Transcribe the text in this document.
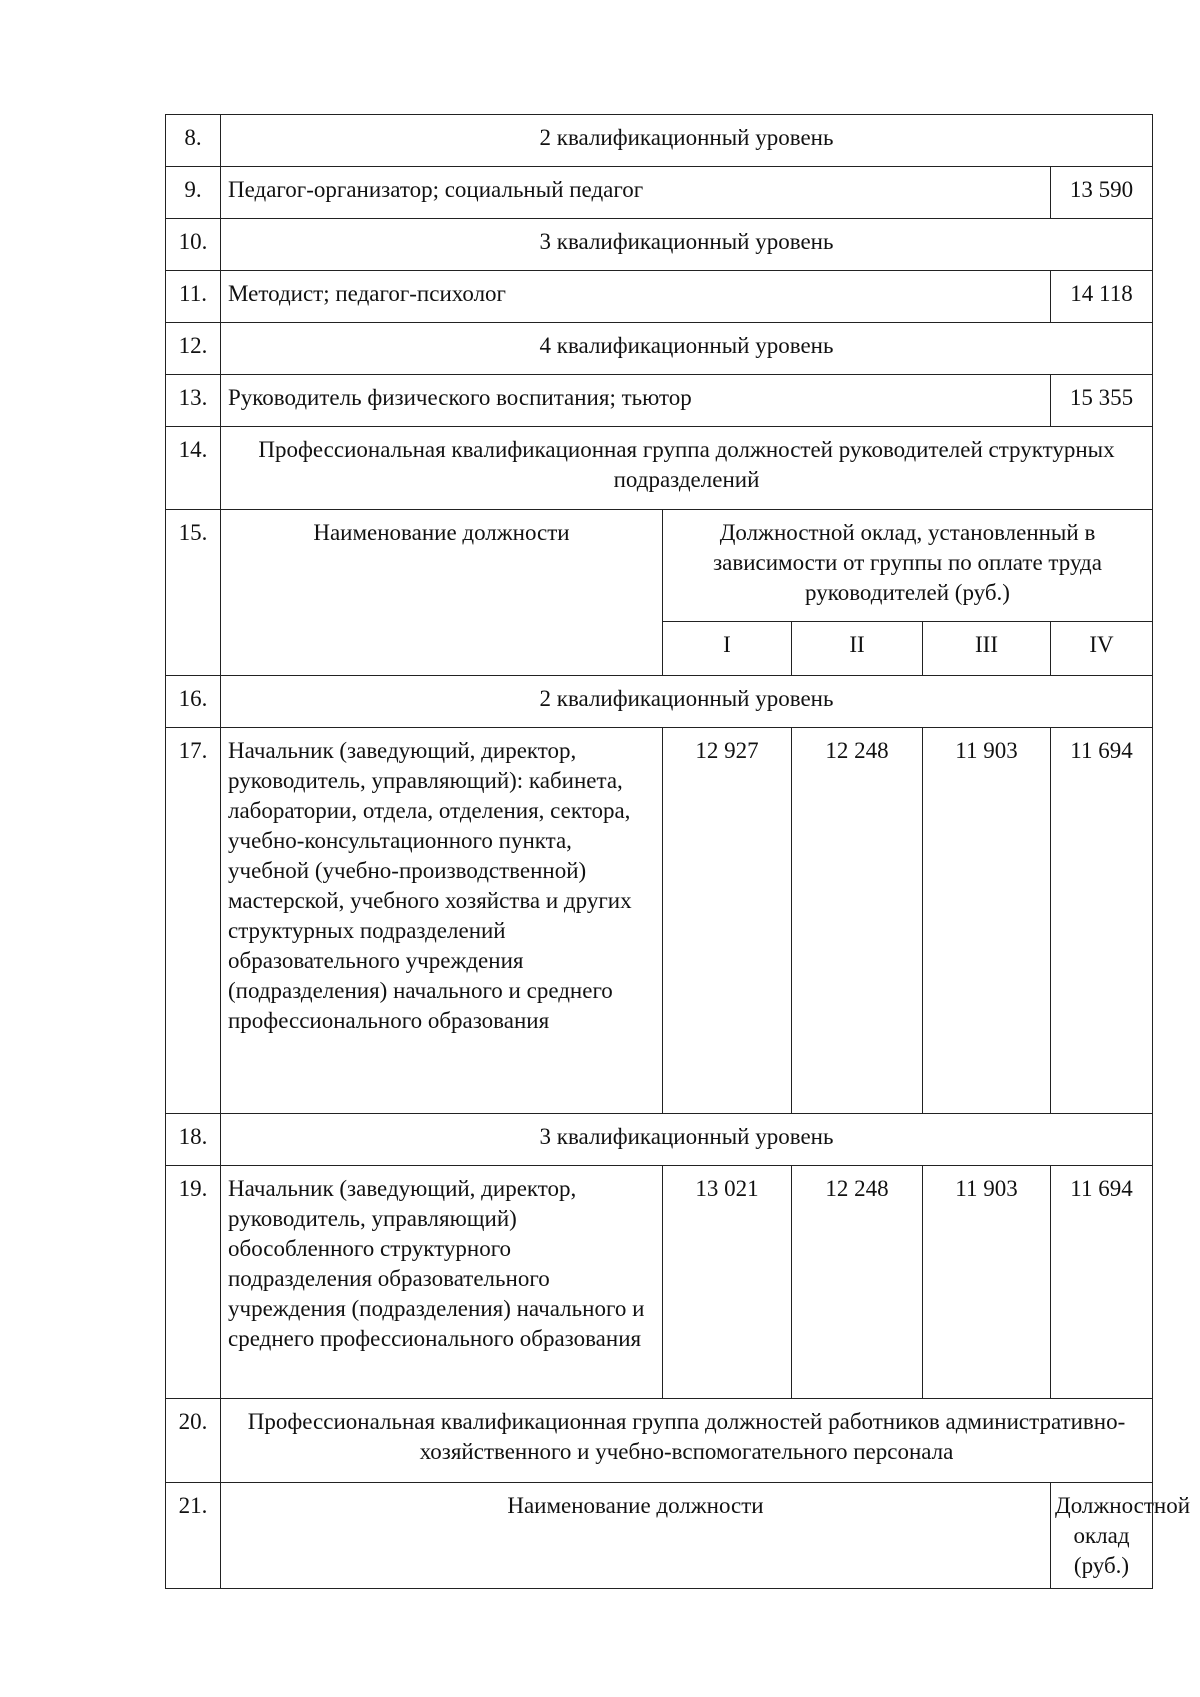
8.	2 квалификационный уровень				
9.	Педагог-организатор; социальный педагог				13 590
10.	3 квалификационный уровень				
11.	Методист; педагог-психолог				14 118
12.	4 квалификационный уровень				
13.	Руководитель физического воспитания; тьютор				15 355
14.	Профессиональная квалификационная группа должностей руководителей структурных подразделений				
15.	Наименование должности	Должностной оклад, установленный в зависимости от группы по оплате труда руководителей (руб.)			
		I	II	III	IV
16.	2 квалификационный уровень				
17.	Начальник (заведующий, директор, руководитель, управляющий): кабинета, лаборатории, отдела, отделения, сектора, учебно-консультационного пункта, учебной (учебно-производственной) мастерской, учебного хозяйства и других структурных подразделений образовательного учреждения (подразделения) начального и среднего профессионального образования	12 927	12 248	11 903	11 694
18.	3 квалификационный уровень				
19.	Начальник (заведующий, директор, руководитель, управляющий) обособленного структурного подразделения образовательного учреждения (подразделения) начального и среднего профессионального образования	13 021	12 248	11 903	11 694
20.	Профессиональная квалификационная группа должностей работников административно-хозяйственного и учебно-вспомогательного персонала				
21.	Наименование должности				Должностной оклад (руб.)
